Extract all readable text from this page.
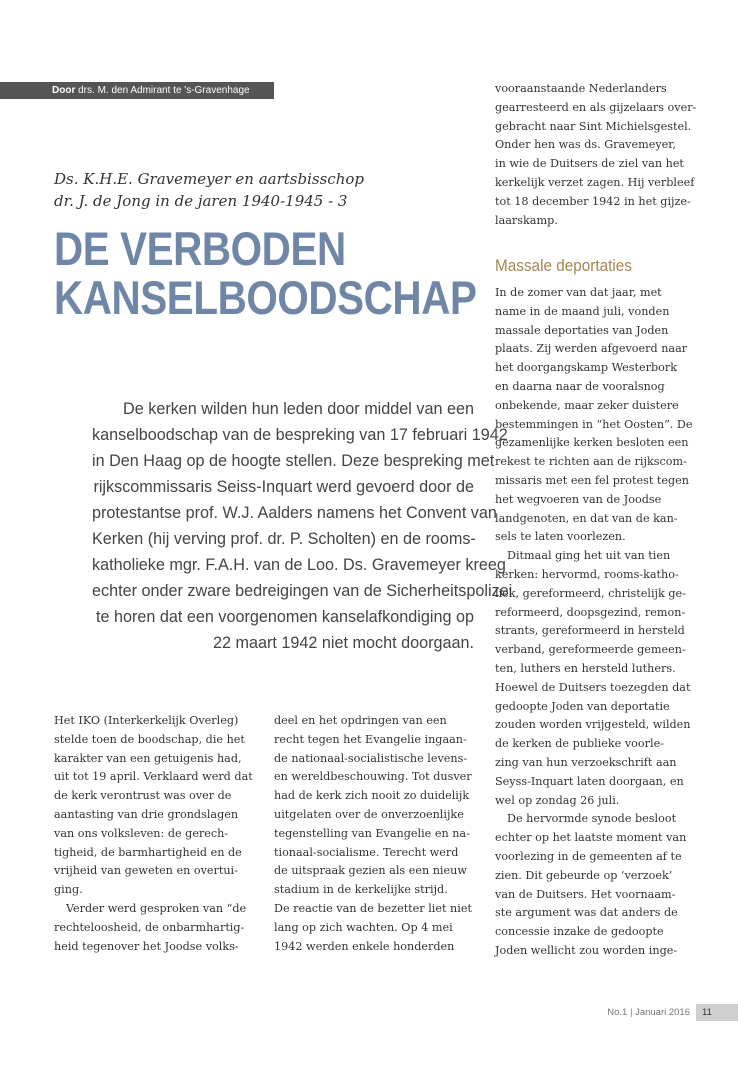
Door drs. M. den Admirant te 's-Gravenhage
Ds. K.H.E. Gravemeyer en aartsbisschop
dr. J. de Jong in de jaren 1940-1945 - 3
DE VERBODEN
KANSELBOODSCHAP
De kerken wilden hun leden door middel van een
kanselboodschap van de bespreking van 17 februari 1942
in Den Haag op de hoogte stellen. Deze bespreking met
rijkscommissaris Seiss-Inquart werd gevoerd door de
protestantse prof. W.J. Aalders namens het Convent van
Kerken (hij verving prof. dr. P. Scholten) en de rooms-
katholieke mgr. F.A.H. van de Loo. Ds. Gravemeyer kreeg
echter onder zware bedreigingen van de Sicherheitspolizei
te horen dat een voorgenomen kanselafkondiging op
22 maart 1942 niet mocht doorgaan.
Het IKO (Interkerkelijk Overleg)
stelde toen de boodschap, die het
karakter van een getuigenis had,
uit tot 19 april. Verklaard werd dat
de kerk verontrust was over de
aantasting van drie grondslagen
van ons volksleven: de gerech-
tigheid, de barmhartigheid en de
vrijheid van geweten en overtui-
ging.
Verder werd gesproken van “de
rechteloosheid, de onbarmhartig-
heid tegenover het Joodse volks-
deel en het opdringen van een
recht tegen het Evangelie ingaan-
de nationaal-socialistische levens-
en wereldbeschouwing. Tot dusver
had de kerk zich nooit zo duidelijk
uitgelaten over de onverzoenlijke
tegenstelling van Evangelie en na-
tionaal-socialisme. Terecht werd
de uitspraak gezien als een nieuw
stadium in de kerkelijke strijd.
De reactie van de bezetter liet niet
lang op zich wachten. Op 4 mei
1942 werden enkele honderden
vooraanstaande Nederlanders
gearresteerd en als gijzelaars over-
gebracht naar Sint Michielsgestel.
Onder hen was ds. Gravemeyer,
in wie de Duitsers de ziel van het
kerkelijk verzet zagen. Hij verbleef
tot 18 december 1942 in het gijze-
laarskamp.
Massale deportaties
In de zomer van dat jaar, met
name in de maand juli, vonden
massale deportaties van Joden
plaats. Zij werden afgevoerd naar
het doorgangskamp Westerbork
en daarna naar de vooralsnog
onbekende, maar zeker duistere
bestemmingen in “het Oosten”. De
gezamenlijke kerken besloten een
rekest te richten aan de rijkscom-
missaris met een fel protest tegen
het wegvoeren van de Joodse
landgenoten, en dat van de kan-
sels te laten voorlezen.
Ditmaal ging het uit van tien
kerken: hervormd, rooms-katho-
liek, gereformeerd, christelijk ge-
reformeerd, doopsgezind, remon-
strants, gereformeerd in hersteld
verband, gereformeerde gemeen-
ten, luthers en hersteld luthers.
Hoewel de Duitsers toezegden dat
gedoopte Joden van deportatie
zouden worden vrijgesteld, wilden
de kerken de publieke voorle-
zing van hun verzoekschrift aan
Seyss-Inquart laten doorgaan, en
wel op zondag 26 juli.
De hervormde synode besloot
echter op het laatste moment van
voorlezing in de gemeenten af te
zien. Dit gebeurde op ‘verzoek’
van de Duitsers. Het voornaam-
ste argument was dat anders de
concessie inzake de gedoopte
Joden wellicht zou worden inge-
No.1 | Januari 2016	11
